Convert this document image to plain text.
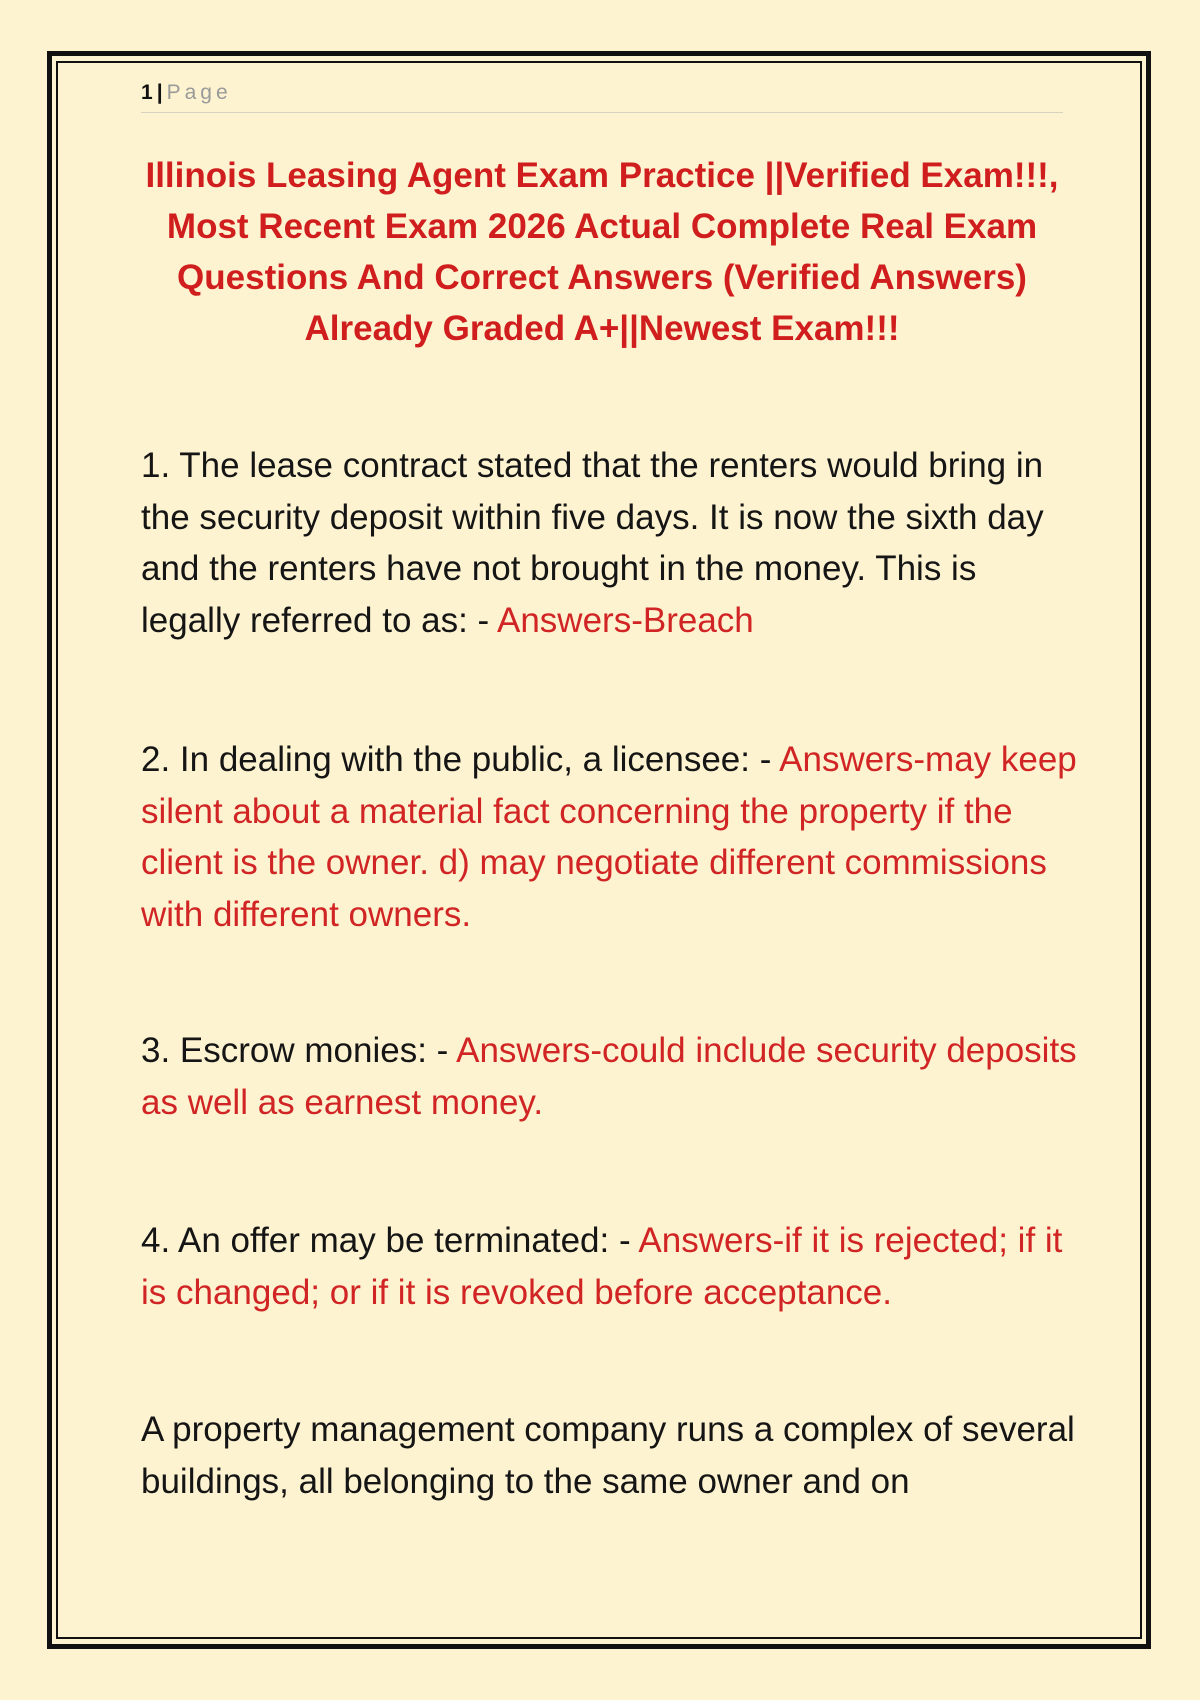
1 | Page
Illinois Leasing Agent Exam Practice ||Verified Exam!!!, Most Recent Exam 2026 Actual Complete Real Exam Questions And Correct Answers (Verified Answers) Already Graded A+||Newest Exam!!!

1. The lease contract stated that the renters would bring in the security deposit within five days. It is now the sixth day and the renters have not brought in the money. This is legally referred to as: - Answers-Breach

2. In dealing with the public, a licensee: - Answers-may keep silent about a material fact concerning the property if the client is the owner. d) may negotiate different commissions with different owners.

3. Escrow monies: - Answers-could include security deposits as well as earnest money.

4. An offer may be terminated: - Answers-if it is rejected; if it is changed; or if it is revoked before acceptance.

A property management company runs a complex of several buildings, all belonging to the same owner and on
